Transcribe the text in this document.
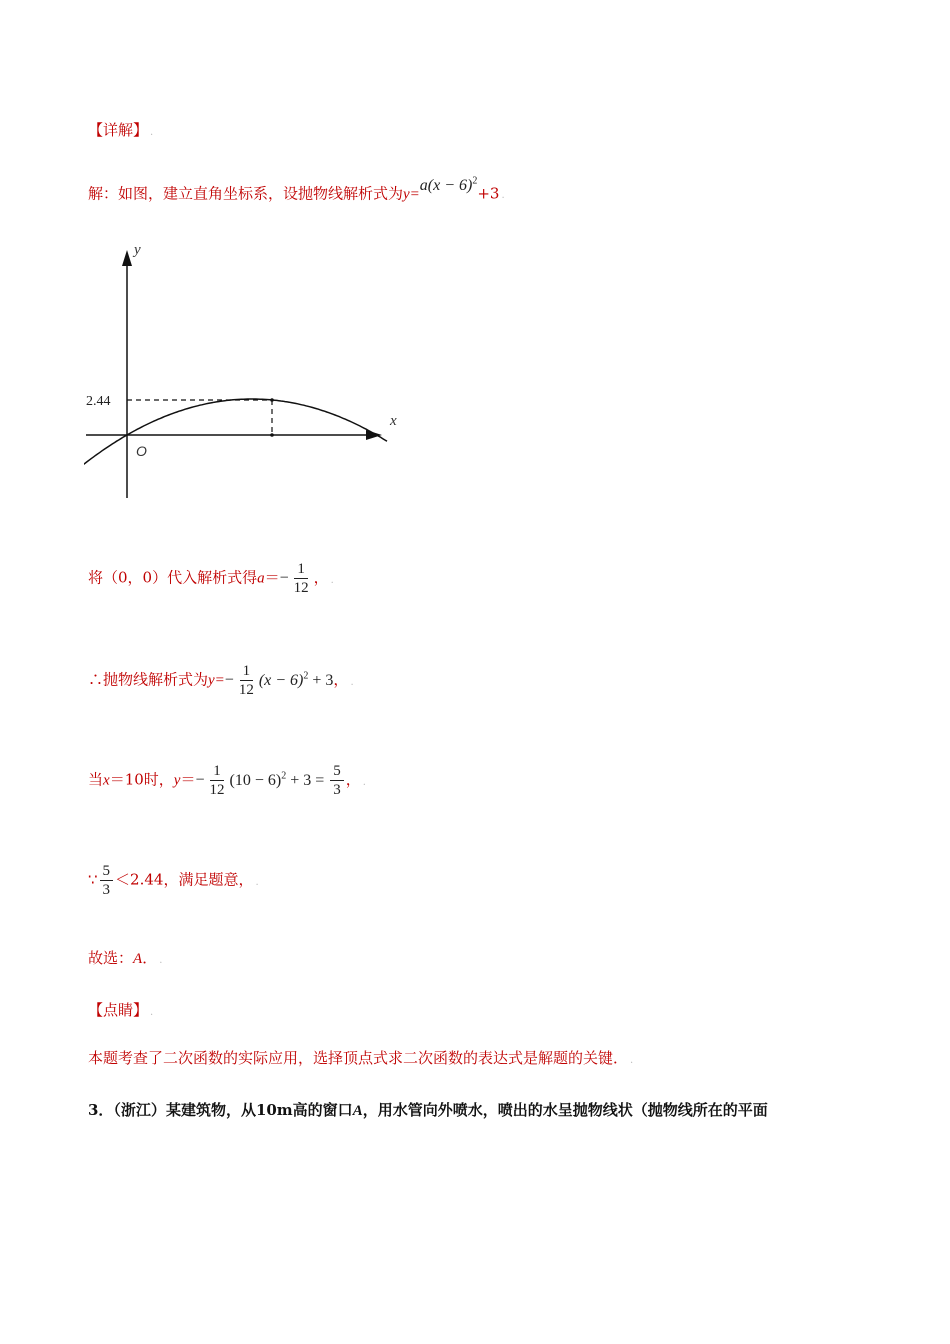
【详解】 .
解：如图，建立直角坐标系，设抛物线解析式为$y=a(x - 6)^2+3$ .
y
x
O
2.44
将（0，0）代入解析式得$a=- \frac{1}{12}$ ， .
∴抛物线解析式为$y=- \frac{1}{12} (x - 6)^2 + 3$， .
当x＝10时，$y=- \frac{1}{12} (10 - 6)^2 + 3 = \frac{5}{3}$ ， .
∵ $\frac{5}{3} <2.44$，满足题意， .
故选：A． .
【点睛】 .
本题考查了二次函数的实际应用，选择顶点式求二次函数的表达式是解题的关键． .
3．（浙江）某建筑物，从10m高的窗口A，用水管向外喷水，喷出的水呈抛物线状（抛物线所在的平面
